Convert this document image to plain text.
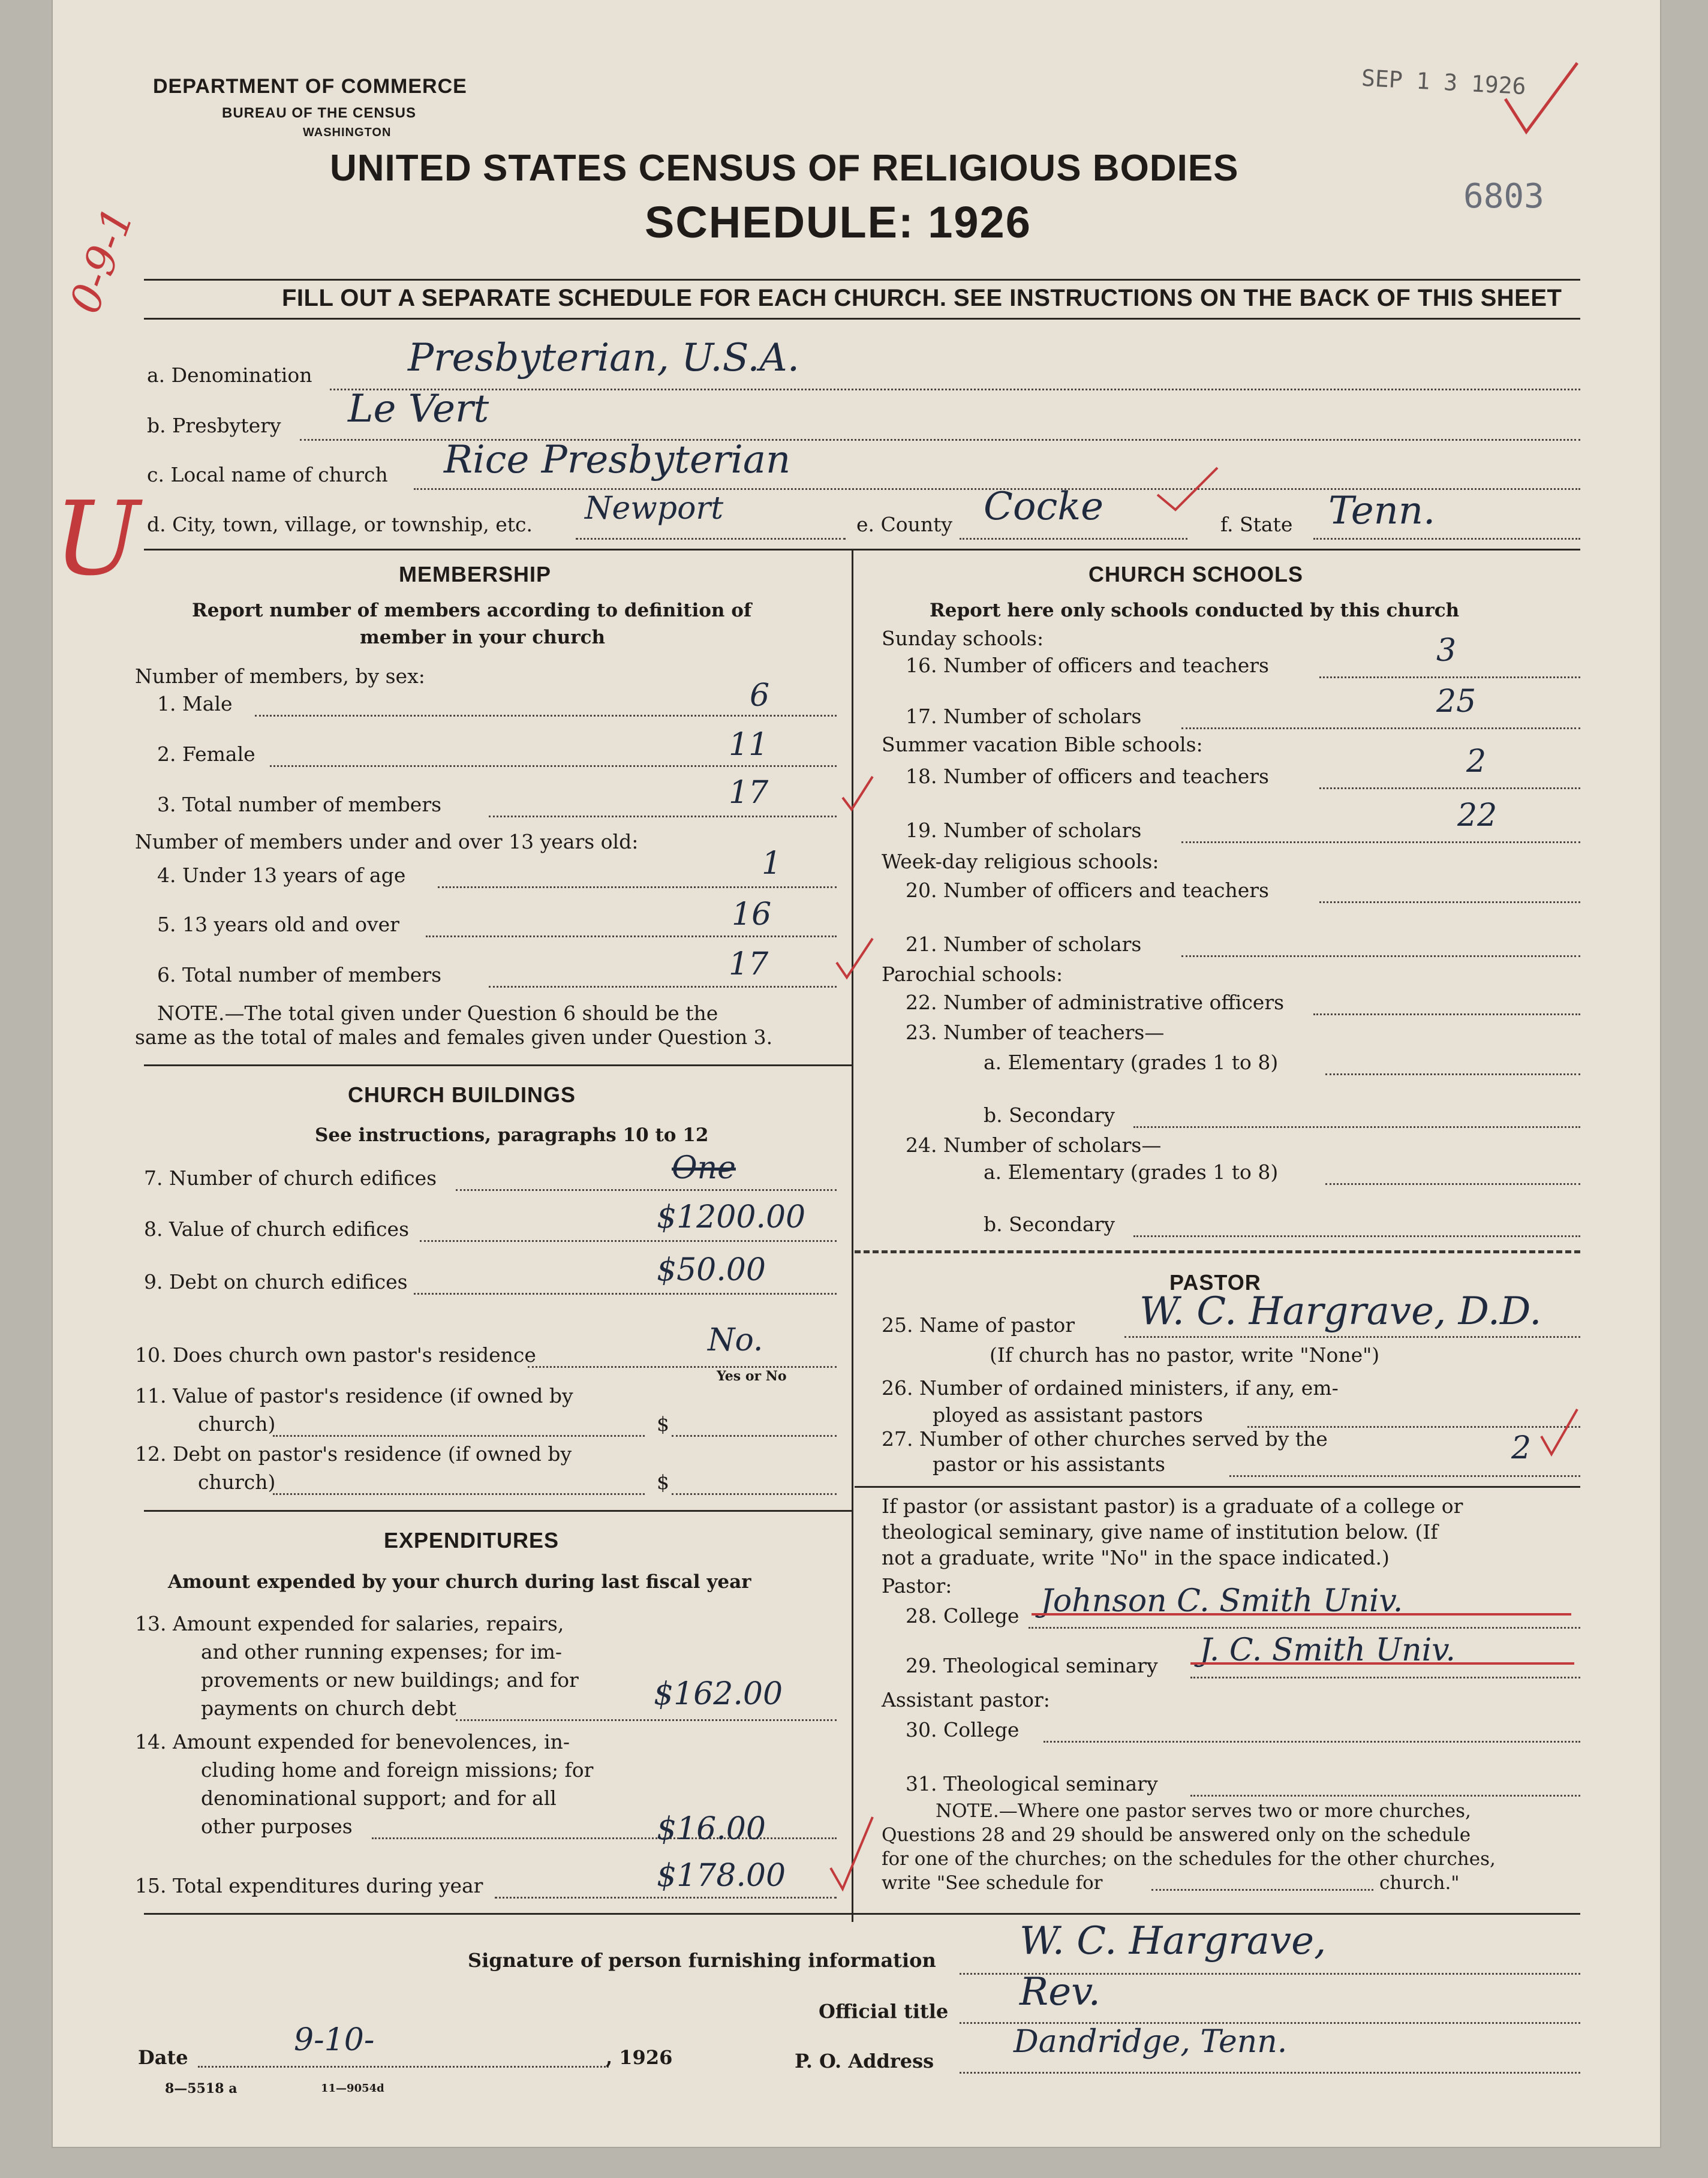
DEPARTMENT OF COMMERCE
BUREAU OF THE CENSUS
WASHINGTON
UNITED STATES CENSUS OF RELIGIOUS BODIES
SCHEDULE: 1926
SEP 1 3 1926
6803
FILL OUT A SEPARATE SCHEDULE FOR EACH CHURCH. SEE INSTRUCTIONS ON THE BACK OF THIS SHEET
0-9-1
U
a. Denomination Presbyterian, U.S.A.
b. Presbytery Le Vert
c. Local name of church Rice Presbyterian
d. City, town, village, or township, etc. Newport	e. County Cocke	f. State Tenn.
MEMBERSHIP
Report number of members according to definition of
member in your church
Number of members, by sex:
1. Male	6
2. Female	11
3. Total number of members	17
Number of members under and over 13 years old:
4. Under 13 years of age	1
5. 13 years old and over	16
6. Total number of members	17
NOTE.—The total given under Question 6 should be the
same as the total of males and females given under Question 3.
CHURCH BUILDINGS
See instructions, paragraphs 10 to 12
7. Number of church edifices	One
8. Value of church edifices	$1200.00
9. Debt on church edifices	$50.00
10. Does church own pastor's residence	No.
Yes or No
11. Value of pastor's residence (if owned by
church)	$
12. Debt on pastor's residence (if owned by
church)	$
EXPENDITURES
Amount expended by your church during last fiscal year
13. Amount expended for salaries, repairs,
and other running expenses; for im-
provements or new buildings; and for
payments on church debt	$162.00
14. Amount expended for benevolences, in-
cluding home and foreign missions; for
denominational support; and for all
other purposes	$16.00
15. Total expenditures during year	$178.00
CHURCH SCHOOLS
Report here only schools conducted by this church
Sunday schools:
16. Number of officers and teachers	3
17. Number of scholars	25
Summer vacation Bible schools:
18. Number of officers and teachers	2
19. Number of scholars	22
Week-day religious schools:
20. Number of officers and teachers
21. Number of scholars
Parochial schools:
22. Number of administrative officers
23. Number of teachers—
a. Elementary (grades 1 to 8)
b. Secondary
24. Number of scholars—
a. Elementary (grades 1 to 8)
b. Secondary
PASTOR
25. Name of pastor W. C. Hargrave, D.D.
(If church has no pastor, write "None")
26. Number of ordained ministers, if any, em-
ployed as assistant pastors
27. Number of other churches served by the
pastor or his assistants	2
If pastor (or assistant pastor) is a graduate of a college or
theological seminary, give name of institution below. (If
not a graduate, write "No" in the space indicated.)
Pastor:
28. College Johnson C. Smith Univ.
29. Theological seminary J. C. Smith Univ.
Assistant pastor:
30. College
31. Theological seminary
NOTE.—Where one pastor serves two or more churches,
Questions 28 and 29 should be answered only on the schedule
for one of the churches; on the schedules for the other churches,
write "See schedule for	church."
Signature of person furnishing information W. C. Hargrave,
Official title Rev.
Date	9-10-	, 1926	P. O. Address
Dandridge, Tenn.
8—5518 a	11—9054d
